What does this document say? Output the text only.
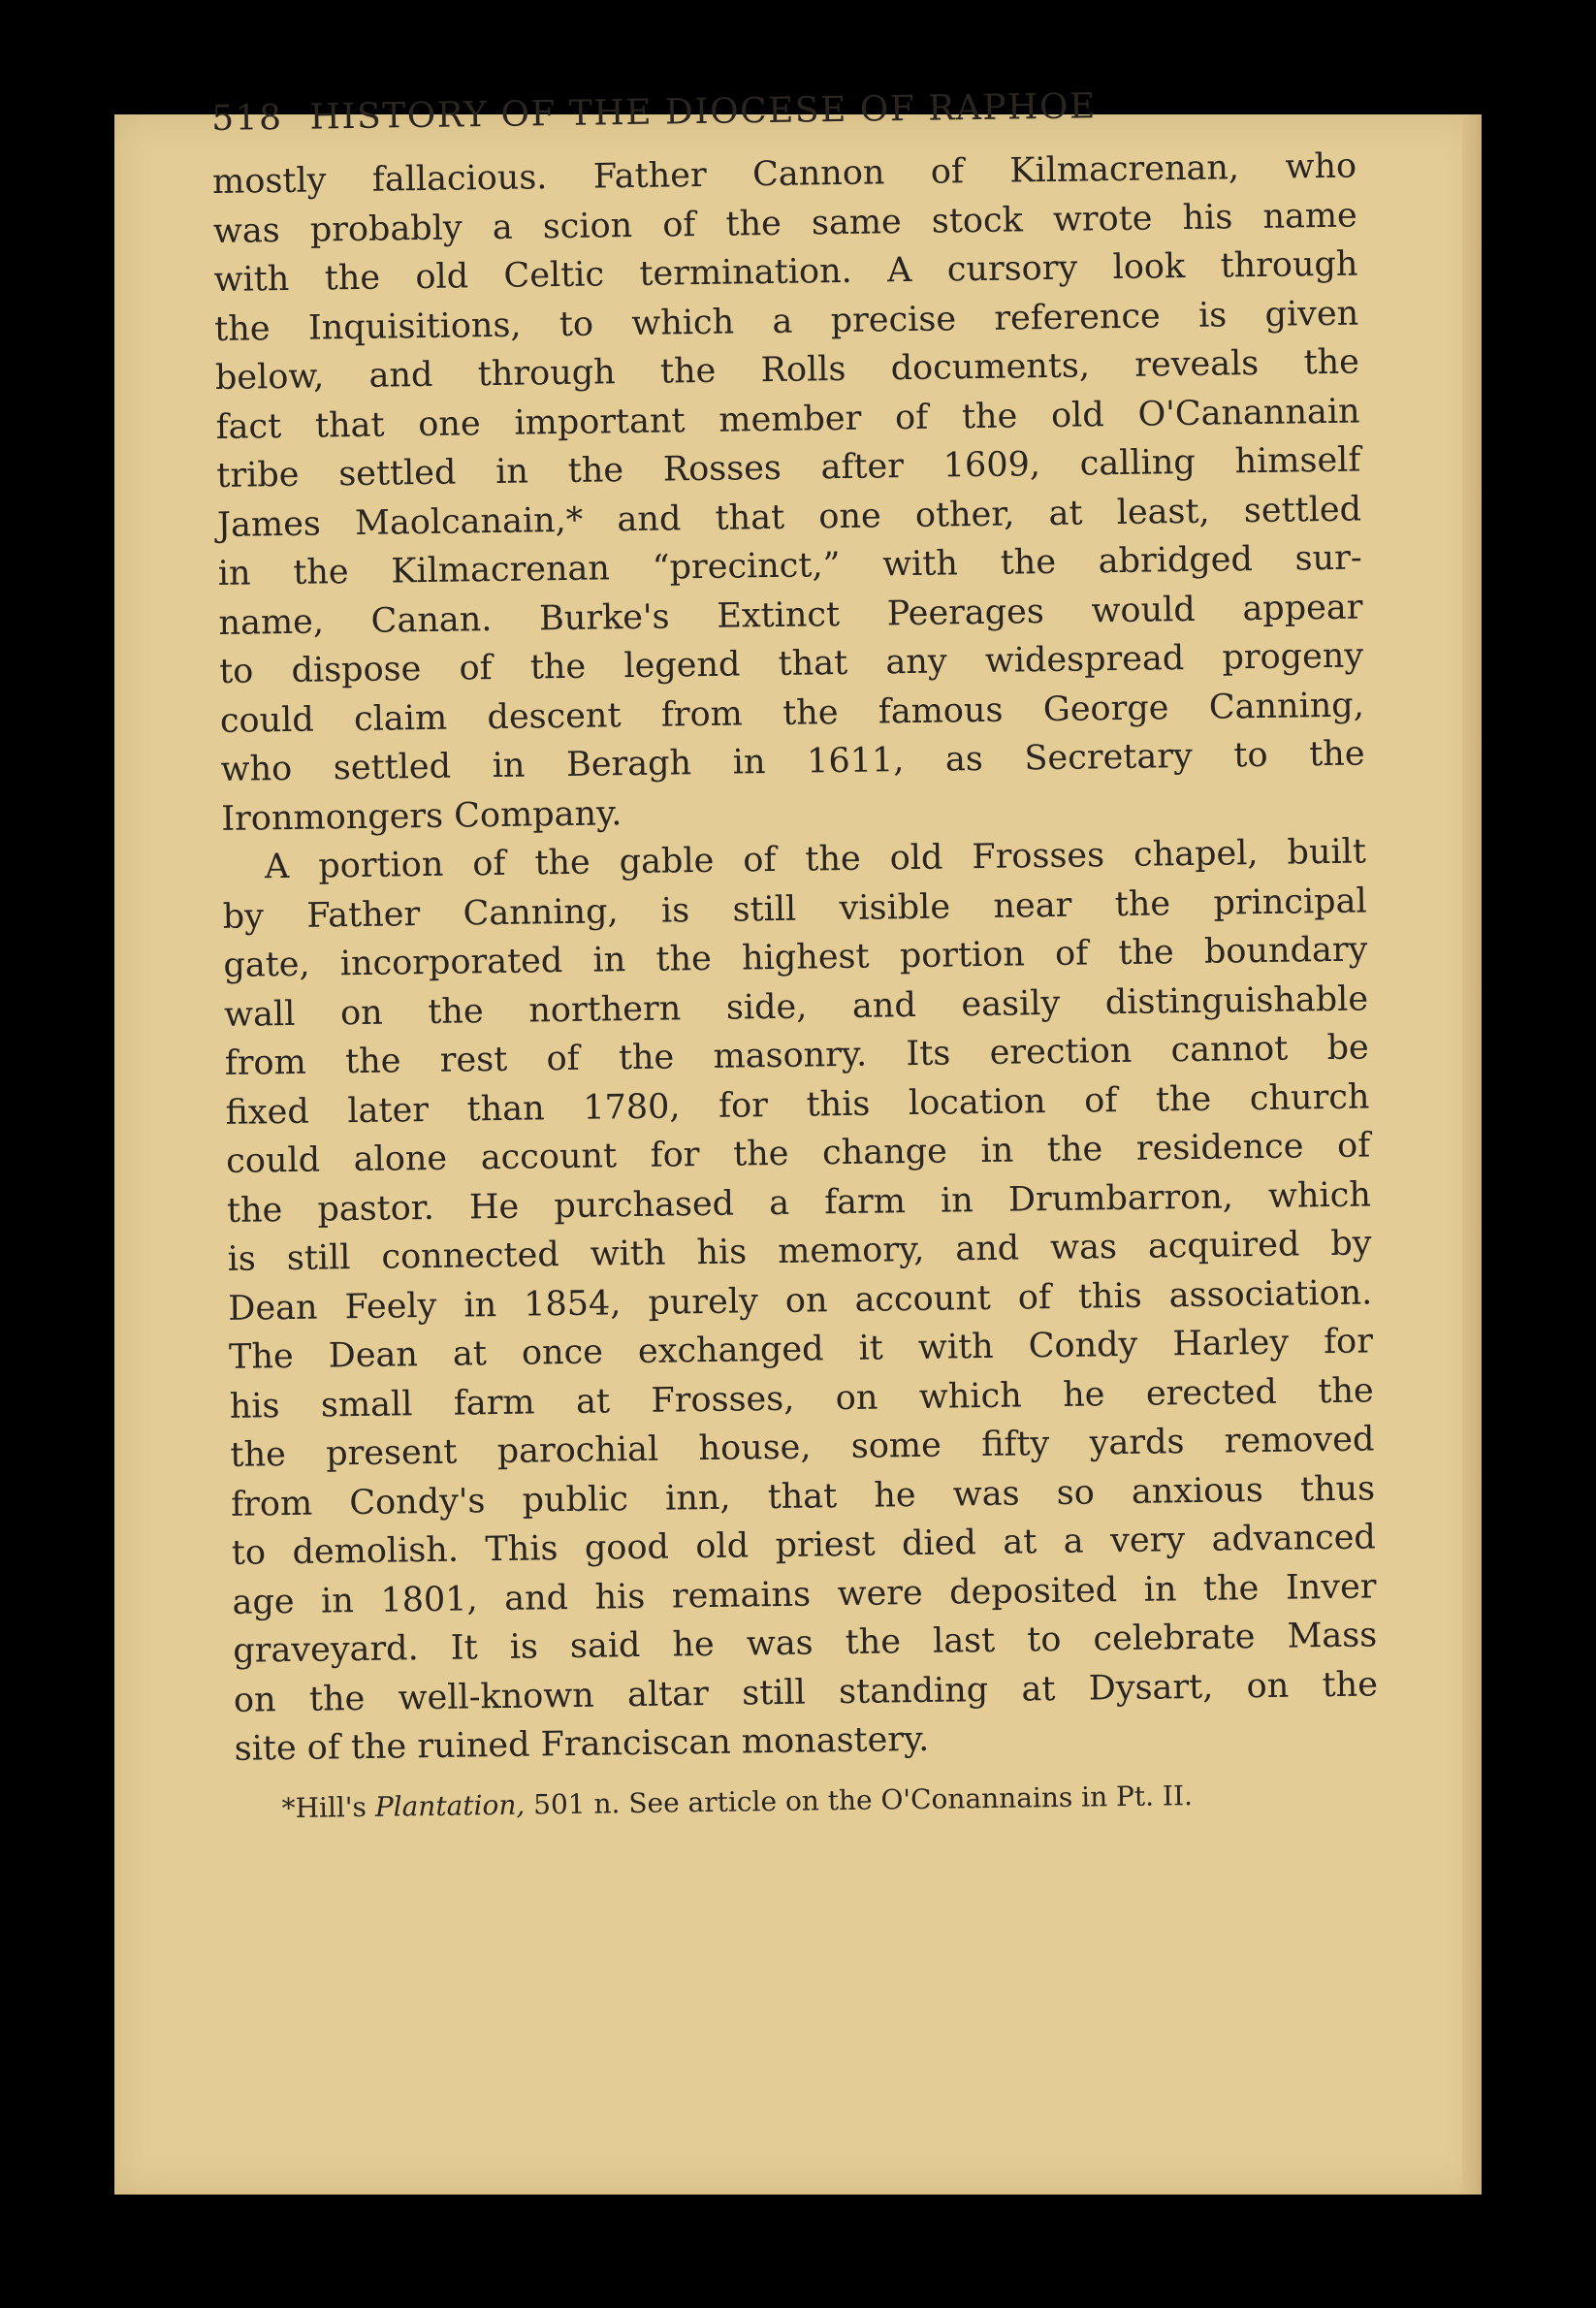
518 HISTORY OF THE DIOCESE OF RAPHOE
mostly fallacious. Father Cannon of Kilmacrenan, who
was probably a scion of the same stock wrote his name
with the old Celtic termination. A cursory look through
the Inquisitions, to which a precise reference is given
below, and through the Rolls documents, reveals the
fact that one important member of the old O'Canannain
tribe settled in the Rosses after 1609, calling himself
James Maolcanain,* and that one other, at least, settled
in the Kilmacrenan “precinct,” with the abridged sur-
name, Canan. Burke's Extinct Peerages would appear
to dispose of the legend that any widespread progeny
could claim descent from the famous George Canning,
who settled in Beragh in 1611, as Secretary to the
Ironmongers Company.
A portion of the gable of the old Frosses chapel, built
by Father Canning, is still visible near the principal
gate, incorporated in the highest portion of the boundary
wall on the northern side, and easily distinguishable
from the rest of the masonry. Its erection cannot be
fixed later than 1780, for this location of the church
could alone account for the change in the residence of
the pastor. He purchased a farm in Drumbarron, which
is still connected with his memory, and was acquired by
Dean Feely in 1854, purely on account of this association.
The Dean at once exchanged it with Condy Harley for
his small farm at Frosses, on which he erected the
the present parochial house, some fifty yards removed
from Condy's public inn, that he was so anxious thus
to demolish. This good old priest died at a very advanced
age in 1801, and his remains were deposited in the Inver
graveyard. It is said he was the last to celebrate Mass
on the well-known altar still standing at Dysart, on the
site of the ruined Franciscan monastery.
*Hill's Plantation, 501 n. See article on the O'Conannains in Pt. II.
